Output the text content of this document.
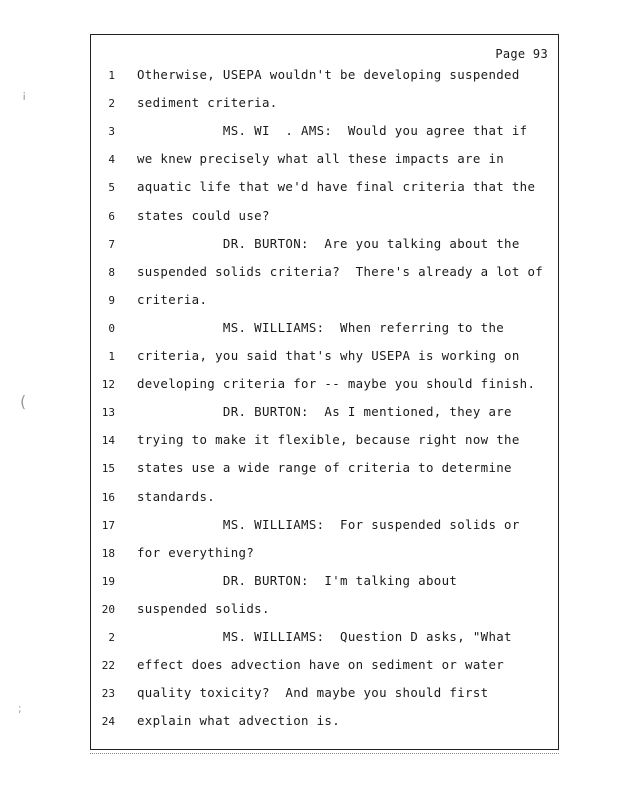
¡
(
;
Page 93
1 Otherwise, USEPA wouldn't be developing suspended
2 sediment criteria.
3 MS. WI  . AMS:  Would you agree that if
4 we knew precisely what all these impacts are in
5 aquatic life that we'd have final criteria that the
6 states could use?
7 DR. BURTON:  Are you talking about the
8 suspended solids criteria?  There's already a lot of
9 criteria.
0 MS. WILLIAMS:  When referring to the
1 criteria, you said that's why USEPA is working on
12 developing criteria for -- maybe you should finish.
13 DR. BURTON:  As I mentioned, they are
14 trying to make it flexible, because right now the
15 states use a wide range of criteria to determine
16 standards.
17 MS. WILLIAMS:  For suspended solids or
18 for everything?
19 DR. BURTON:  I'm talking about
20 suspended solids.
2 MS. WILLIAMS:  Question D asks, "What
22 effect does advection have on sediment or water
23 quality toxicity?  And maybe you should first
24 explain what advection is.
